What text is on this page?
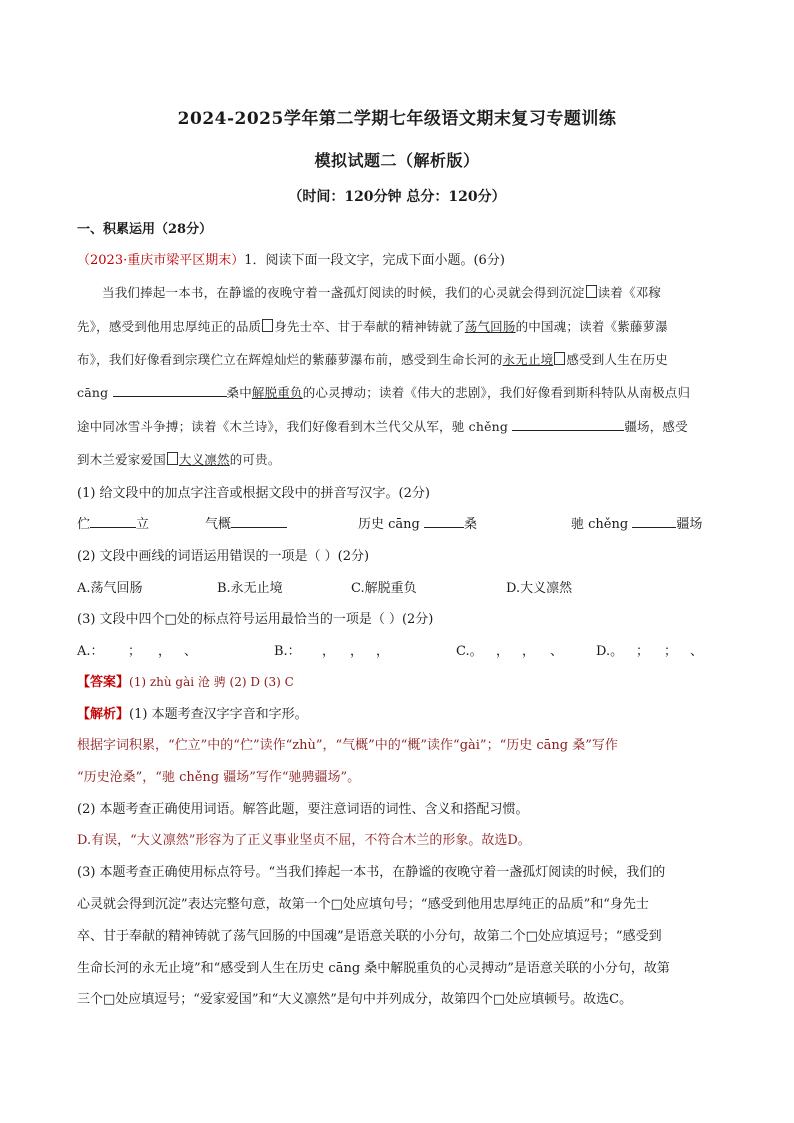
2024-2025学年第二学期七年级语文期末复习专题训练
模拟试题二（解析版）
（时间：120分钟 总分：120分）
一、积累运用（28分）
（2023·重庆市梁平区期末）1．阅读下面一段文字，完成下面小题。(6分)
当我们捧起一本书，在静谧的夜晚守着一盏孤灯阅读的时候，我们的心灵就会得到沉淀 读着《邓稼
先》，感受到他用忠厚纯正的品质 身先士卒、甘于奉献的精神铸就了荡气回肠的中国魂；读着《紫藤萝瀑
布》，我们好像看到宗璞伫立在辉煌灿烂的紫藤萝瀑布前，感受到生命长河的永无止境 感受到人生在历史
cāng	桑中解脱重负的心灵搏动；读着《伟大的悲剧》，我们好像看到斯科特队从南极点归
途中同冰雪斗争搏；读着《木兰诗》，我们好像看到木兰代父从军，驰 chěng	疆场，感受
到木兰爱家爱国 大义凛然的可贵。
(1) 给文段中的加点字注音或根据文段中的拼音写汉字。(2分)
伫	立	气概	历史 cāng	桑	驰 chěng	疆场
(2) 文段中画线的词语运用错误的一项是（ ）(2分)
A.荡气回肠	B.永无止境	C.解脱重负	D.大义凛然
(3) 文段中四个□处的标点符号运用最恰当的一项是（ ）(2分)
A.： ； ， 、	B.： ， ， ，	C.。 ， ， 、	D.。 ； ； 、
【答案】(1) zhù gài 沧 骋 (2) D (3) C
【解析】(1) 本题考查汉字字音和字形。
根据字词积累，“伫立”中的“伫”读作“zhù”，“气概”中的“概”读作“gài”；“历史 cāng 桑”写作
“历史沧桑”，“驰 chěng 疆场”写作“驰骋疆场”。
(2) 本题考查正确使用词语。解答此题，要注意词语的词性、含义和搭配习惯。
D.有误，“大义凛然”形容为了正义事业坚贞不屈，不符合木兰的形象。故选D。
(3) 本题考查正确使用标点符号。“当我们捧起一本书，在静谧的夜晚守着一盏孤灯阅读的时候，我们的
心灵就会得到沉淀”表达完整句意，故第一个□处应填句号；“感受到他用忠厚纯正的品质”和“身先士
卒、甘于奉献的精神铸就了荡气回肠的中国魂”是语意关联的小分句，故第二个□处应填逗号；“感受到
生命长河的永无止境”和“感受到人生在历史 cāng 桑中解脱重负的心灵搏动”是语意关联的小分句，故第
三个□处应填逗号；“爱家爱国”和“大义凛然”是句中并列成分，故第四个□处应填顿号。故选C。
